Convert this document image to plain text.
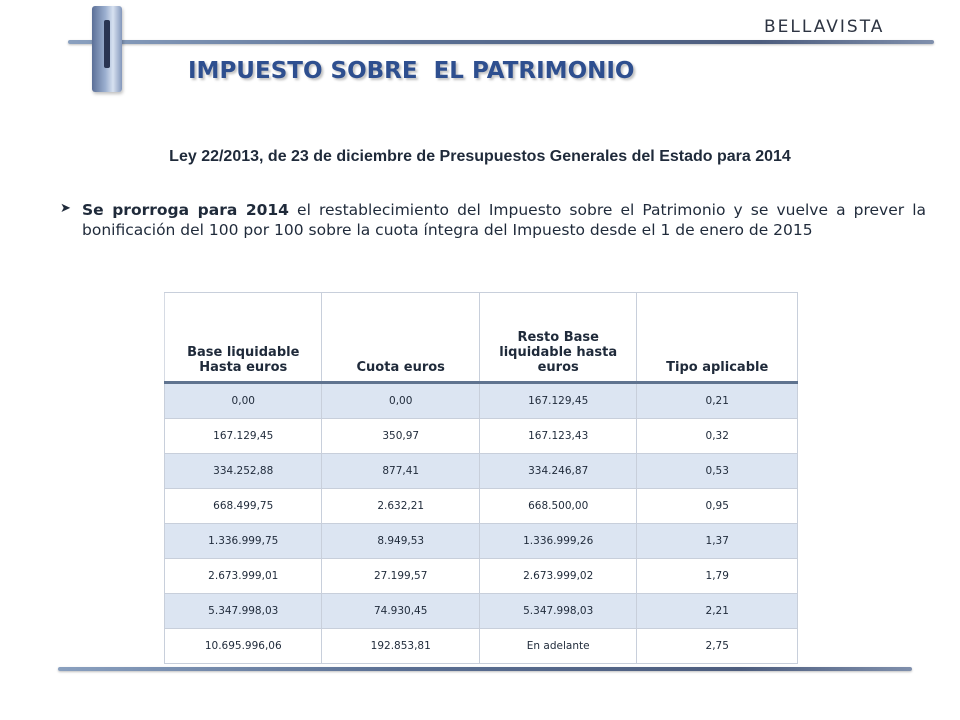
BELLAVISTA
IMPUESTO SOBRE  EL PATRIMONIO
Ley 22/2013, de 23 de diciembre de Presupuestos Generales del Estado para 2014
➤ Se prorroga para 2014 el restablecimiento del Impuesto sobre el Patrimonio y se vuelve a prever la bonificación del 100 por 100 sobre la cuota íntegra del Impuesto desde el 1 de enero de 2015
Base liquidable Hasta euros	Cuota euros	Resto Base liquidable hasta euros	Tipo aplicable
0,00	0,00	167.129,45	0,21
167.129,45	350,97	167.123,43	0,32
334.252,88	877,41	334.246,87	0,53
668.499,75	2.632,21	668.500,00	0,95
1.336.999,75	8.949,53	1.336.999,26	1,37
2.673.999,01	27.199,57	2.673.999,02	1,79
5.347.998,03	74.930,45	5.347.998,03	2,21
10.695.996,06	192.853,81	En adelante	2,75
